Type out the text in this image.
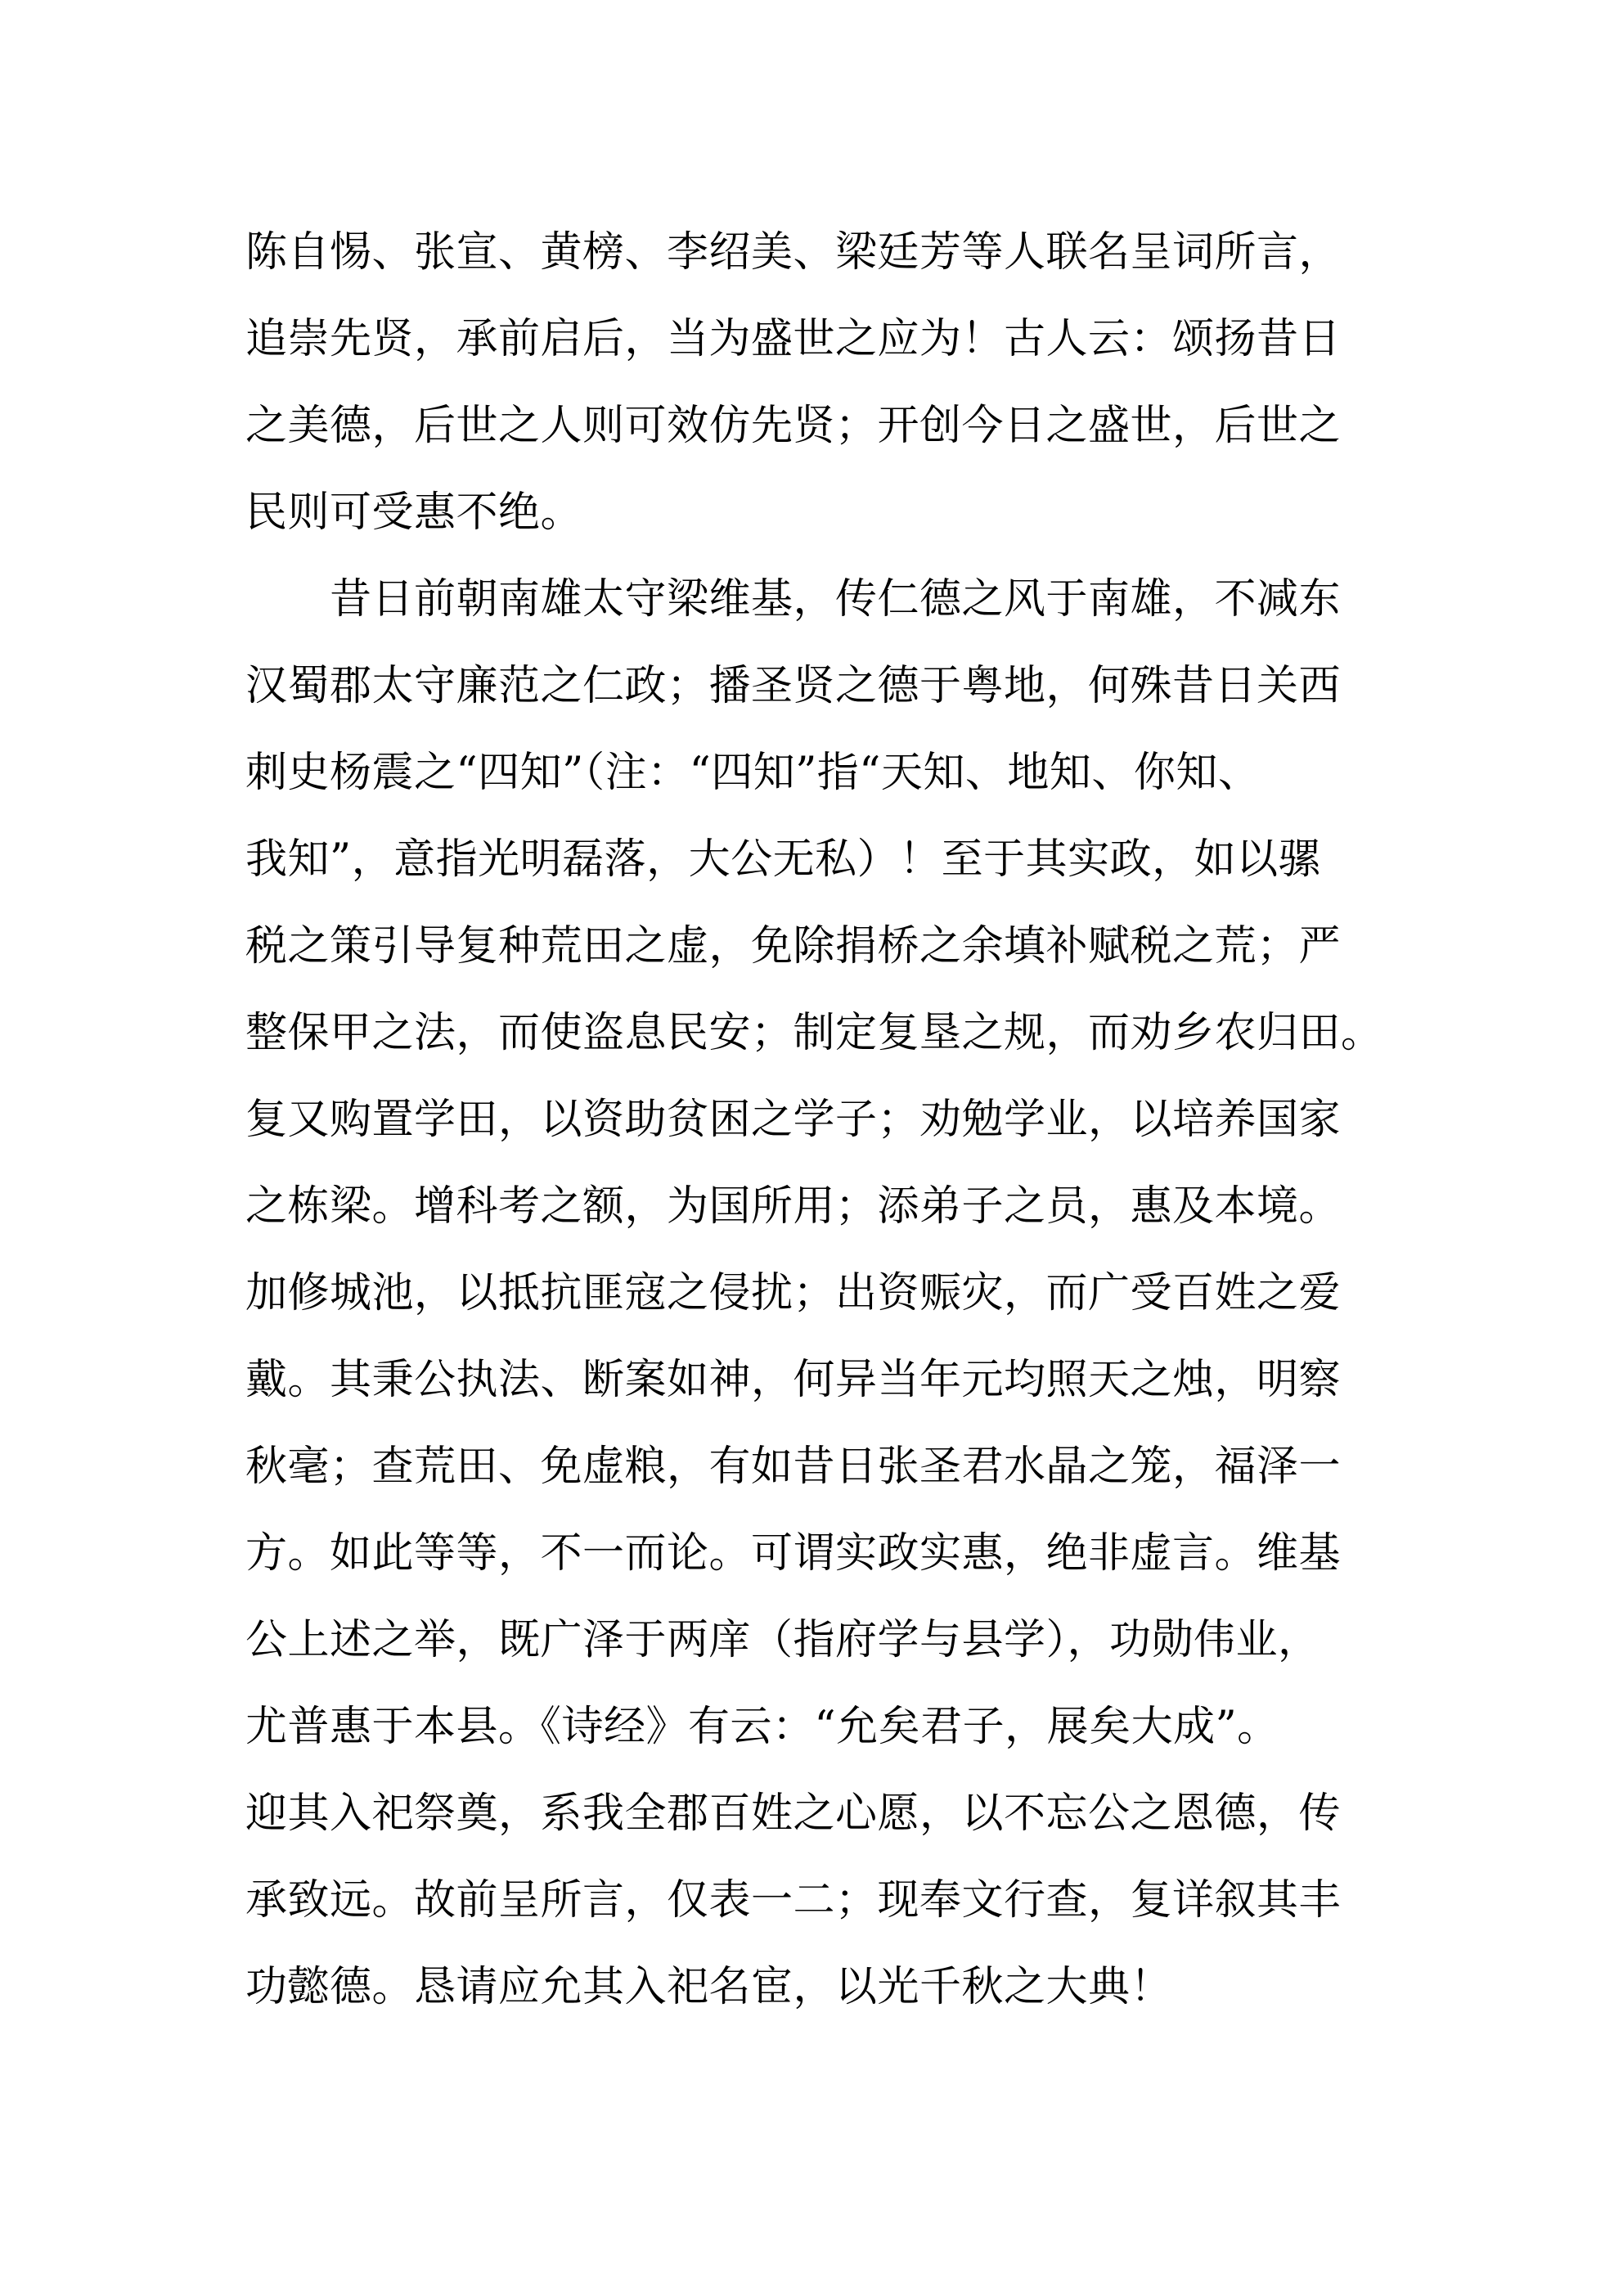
陈自惕、张宣、黄榜、李绍美、梁廷芳等人联名呈词所言，
追崇先贤，承前启后，当为盛世之应为！古人云：颂扬昔日
之美德，后世之人则可效仿先贤；开创今日之盛世，后世之
民则可受惠不绝。
　　昔日前朝南雄太守梁维基，传仁德之风于南雄，不减东
汉蜀郡太守廉范之仁政；播圣贤之德于粤地，何殊昔日关西
刺史杨震之“四知”（注：“四知”指“天知、地知、你知、
我知”，意指光明磊落，大公无私）！至于其实政，如以骡
税之策引导复种荒田之虚，免除捐桥之余填补赋税之荒；严
整保甲之法，而使盗息民安；制定复垦之规，而劝乡农归田。
复又购置学田，以资助贫困之学子；劝勉学业，以培养国家
之栋梁。增科考之额，为国所用；添弟子之员，惠及本境。
加修城池，以抵抗匪寇之侵扰；出资赈灾，而广受百姓之爱
戴。其秉公执法、断案如神，何异当年元均照天之烛，明察
秋毫；查荒田、免虚粮，有如昔日张圣君水晶之笼，福泽一
方。如此等等，不一而论。可谓实政实惠，绝非虚言。维基
公上述之举，既广泽于两庠（指府学与县学），功勋伟业，
尤普惠于本县。《诗经》有云：“允矣君子，展矣大成”。
迎其入祀祭奠，系我全郡百姓之心愿，以不忘公之恩德，传
承致远。故前呈所言，仅表一二；现奉文行查，复详叙其丰
功懿德。恳请应允其入祀名宦，以光千秋之大典！
